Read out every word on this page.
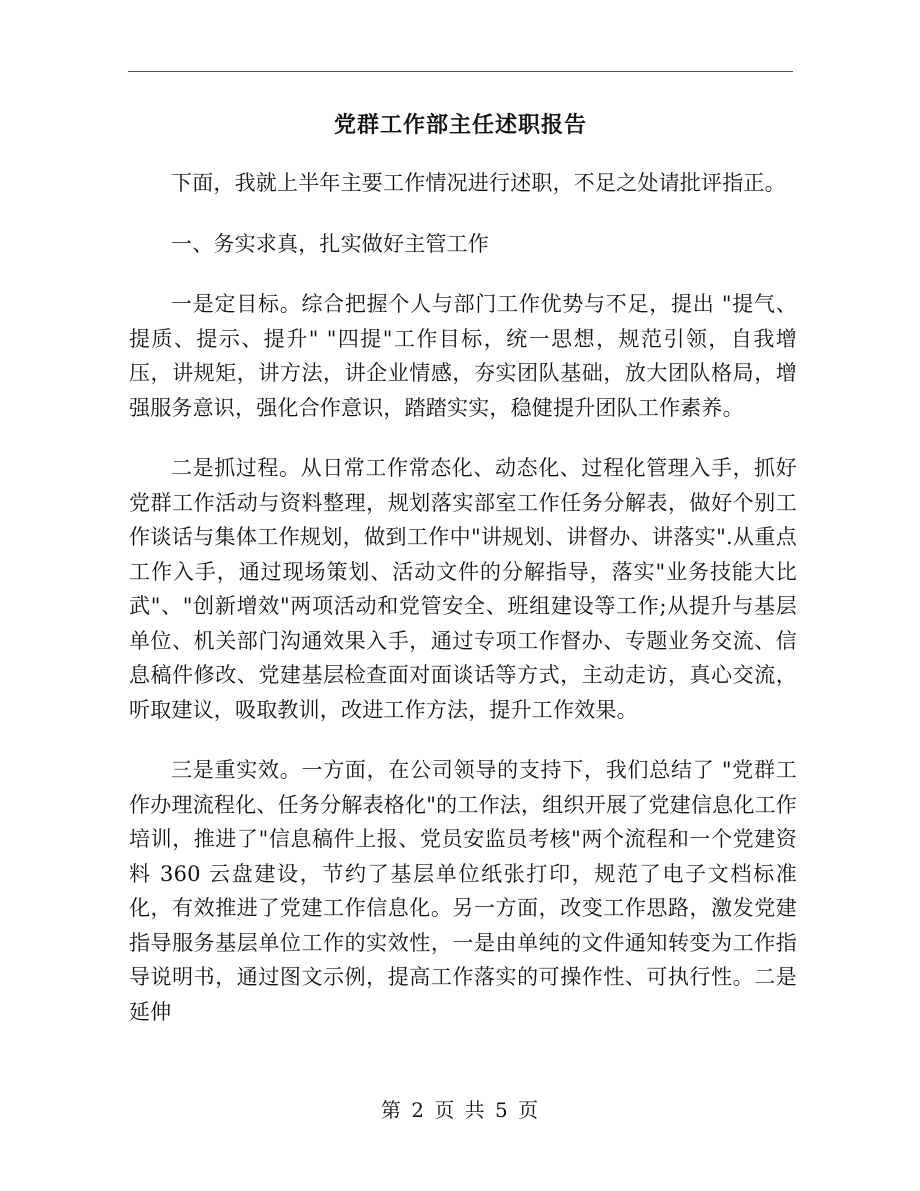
党群工作部主任述职报告

下面，我就上半年主要工作情况进行述职，不足之处请批评指正。

一、务实求真，扎实做好主管工作

一是定目标。综合把握个人与部门工作优势与不足，提出 "提气、提质、提示、提升" "四提"工作目标，统一思想，规范引领，自我增压，讲规矩，讲方法，讲企业情感，夯实团队基础，放大团队格局，增强服务意识，强化合作意识，踏踏实实，稳健提升团队工作素养。

二是抓过程。从日常工作常态化、动态化、过程化管理入手，抓好党群工作活动与资料整理，规划落实部室工作任务分解表，做好个别工作谈话与集体工作规划，做到工作中"讲规划、讲督办、讲落实".从重点工作入手，通过现场策划、活动文件的分解指导，落实"业务技能大比武"、"创新增效"两项活动和党管安全、班组建设等工作;从提升与基层单位、机关部门沟通效果入手，通过专项工作督办、专题业务交流、信息稿件修改、党建基层检查面对面谈话等方式，主动走访，真心交流，听取建议，吸取教训，改进工作方法，提升工作效果。

三是重实效。一方面，在公司领导的支持下，我们总结了 "党群工作办理流程化、任务分解表格化"的工作法，组织开展了党建信息化工作培训，推进了"信息稿件上报、党员安监员考核"两个流程和一个党建资料 360 云盘建设，节约了基层单位纸张打印，规范了电子文档标准化，有效推进了党建工作信息化。另一方面，改变工作思路，激发党建指导服务基层单位工作的实效性，一是由单纯的文件通知转变为工作指导说明书，通过图文示例，提高工作落实的可操作性、可执行性。二是延伸

第 2 页 共 5 页
